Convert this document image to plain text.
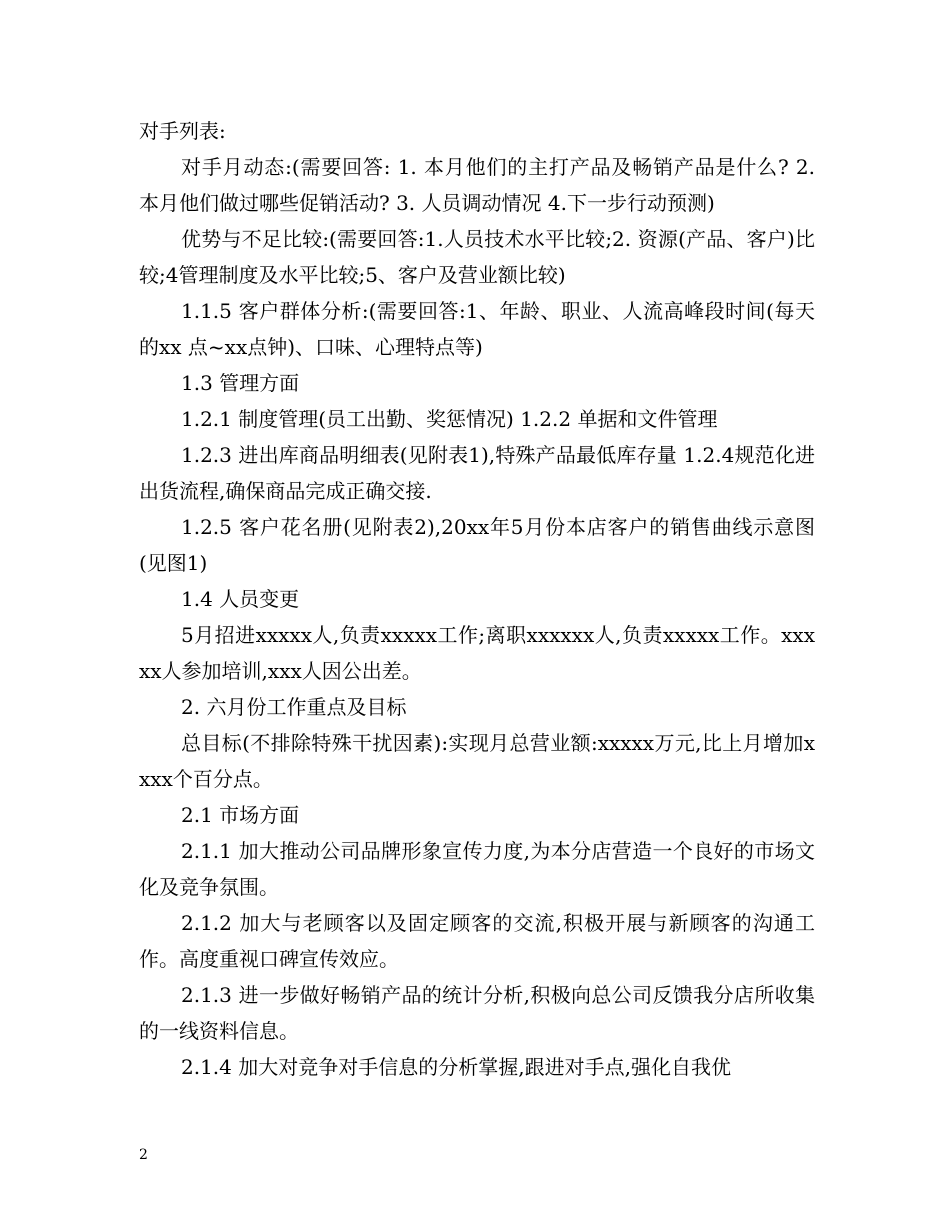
对手列表:

对手月动态:(需要回答: 1. 本月他们的主打产品及畅销产品是什么? 2. 本月他们做过哪些促销活动? 3. 人员调动情况 4.下一步行动预测)

优势与不足比较:(需要回答:1.人员技术水平比较;2. 资源(产品、客户)比较;4管理制度及水平比较;5、客户及营业额比较)

1.1.5 客户群体分析:(需要回答:1、年龄、职业、人流高峰段时间(每天的xx 点~xx点钟)、口味、心理特点等)

1.3 管理方面

1.2.1 制度管理(员工出勤、奖惩情况) 1.2.2 单据和文件管理

1.2.3 进出库商品明细表(见附表1),特殊产品最低库存量 1.2.4规范化进出货流程,确保商品完成正确交接.

1.2.5 客户花名册(见附表2),20xx年5月份本店客户的销售曲线示意图(见图1)

1.4 人员变更

5月招进xxxxx人,负责xxxxx工作;离职xxxxxx人,负责xxxxx工作。xxxxx人参加培训,xxx人因公出差。

2. 六月份工作重点及目标

总目标(不排除特殊干扰因素):实现月总营业额:xxxxx万元,比上月增加xxxx个百分点。

2.1 市场方面

2.1.1 加大推动公司品牌形象宣传力度,为本分店营造一个良好的市场文化及竞争氛围。

2.1.2 加大与老顾客以及固定顾客的交流,积极开展与新顾客的沟通工作。高度重视口碑宣传效应。

2.1.3 进一步做好畅销产品的统计分析,积极向总公司反馈我分店所收集的一线资料信息。

2.1.4 加大对竞争对手信息的分析掌握,跟进对手点,强化自我优

2
